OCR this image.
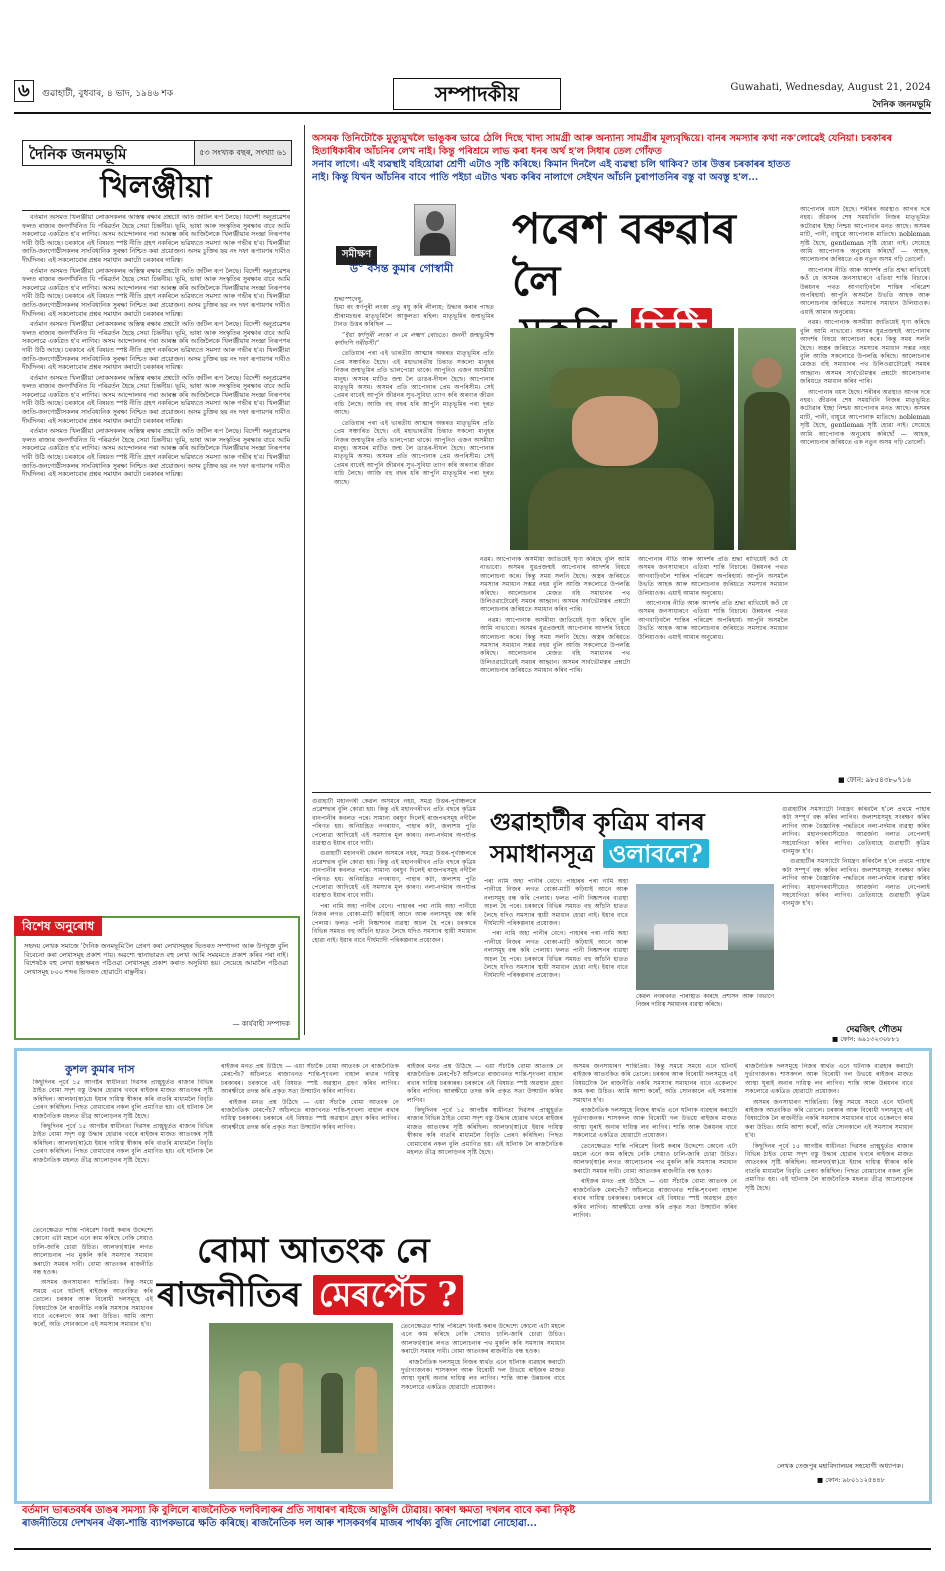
৬	গুৱাহাটী, বুধবাৰ, ৪ ভাদ, ১৯৪৬ শক	সম্পাদকীয়	Guwahati, Wednesday, August 21, 2024
দৈনিক জনমভূমি
দৈনিক জনমভূমি	৫৩ সংখ্যক বছৰ, সংখ্যা ৬১
খিলঞ্জীয়া

বৰ্তমান অসমত খিলঞ্জীয়া লোকসকলৰ অস্তিত্ব ৰক্ষাৰ প্ৰশ্নটো অতি জটিল ৰূপ লৈছে। বিদেশী অনুপ্ৰৱেশৰ ফলত ৰাজ্যৰ জনগাঁথনিত যি পৰিৱৰ্তন হৈছে সেয়া চিন্তনীয়। ভূমি, ভাষা আৰু সংস্কৃতিৰ সুৰক্ষাৰ বাবে আমি সকলোৱে একত্ৰিত হ'ব লাগিব। অসম আন্দোলনৰ পৰা আৰম্ভ কৰি আজিলৈকে খিলঞ্জীয়াৰ সংজ্ঞা নিৰূপণৰ দাবী উঠি আছে। চৰকাৰে এই বিষয়ত স্পষ্ট নীতি গ্ৰহণ নকৰিলে ভৱিষ্যতে সমস্যা আৰু গভীৰ হ'ব। খিলঞ্জীয়া জাতি-জনগোষ্ঠীসকলৰ সাংবিধানিক সুৰক্ষা নিশ্চিত কৰা প্ৰয়োজন। অসম চুক্তিৰ ছয় নং দফা ৰূপায়ণৰ দাবীও দীৰ্ঘদিনৰ। এই সকলোবোৰ প্ৰশ্নৰ সমাধান কৰাটো চৰকাৰৰ দায়িত্ব।

বৰ্তমান অসমত খিলঞ্জীয়া লোকসকলৰ অস্তিত্ব ৰক্ষাৰ প্ৰশ্নটো অতি জটিল ৰূপ লৈছে। বিদেশী অনুপ্ৰৱেশৰ ফলত ৰাজ্যৰ জনগাঁথনিত যি পৰিৱৰ্তন হৈছে সেয়া চিন্তনীয়। ভূমি, ভাষা আৰু সংস্কৃতিৰ সুৰক্ষাৰ বাবে আমি সকলোৱে একত্ৰিত হ'ব লাগিব। অসম আন্দোলনৰ পৰা আৰম্ভ কৰি আজিলৈকে খিলঞ্জীয়াৰ সংজ্ঞা নিৰূপণৰ দাবী উঠি আছে। চৰকাৰে এই বিষয়ত স্পষ্ট নীতি গ্ৰহণ নকৰিলে ভৱিষ্যতে সমস্যা আৰু গভীৰ হ'ব। খিলঞ্জীয়া জাতি-জনগোষ্ঠীসকলৰ সাংবিধানিক সুৰক্ষা নিশ্চিত কৰা প্ৰয়োজন। অসম চুক্তিৰ ছয় নং দফা ৰূপায়ণৰ দাবীও দীৰ্ঘদিনৰ। এই সকলোবোৰ প্ৰশ্নৰ সমাধান কৰাটো চৰকাৰৰ দায়িত্ব।

বৰ্তমান অসমত খিলঞ্জীয়া লোকসকলৰ অস্তিত্ব ৰক্ষাৰ প্ৰশ্নটো অতি জটিল ৰূপ লৈছে। বিদেশী অনুপ্ৰৱেশৰ ফলত ৰাজ্যৰ জনগাঁথনিত যি পৰিৱৰ্তন হৈছে সেয়া চিন্তনীয়। ভূমি, ভাষা আৰু সংস্কৃতিৰ সুৰক্ষাৰ বাবে আমি সকলোৱে একত্ৰিত হ'ব লাগিব। অসম আন্দোলনৰ পৰা আৰম্ভ কৰি আজিলৈকে খিলঞ্জীয়াৰ সংজ্ঞা নিৰূপণৰ দাবী উঠি আছে। চৰকাৰে এই বিষয়ত স্পষ্ট নীতি গ্ৰহণ নকৰিলে ভৱিষ্যতে সমস্যা আৰু গভীৰ হ'ব। খিলঞ্জীয়া জাতি-জনগোষ্ঠীসকলৰ সাংবিধানিক সুৰক্ষা নিশ্চিত কৰা প্ৰয়োজন। অসম চুক্তিৰ ছয় নং দফা ৰূপায়ণৰ দাবীও দীৰ্ঘদিনৰ। এই সকলোবোৰ প্ৰশ্নৰ সমাধান কৰাটো চৰকাৰৰ দায়িত্ব।

বৰ্তমান অসমত খিলঞ্জীয়া লোকসকলৰ অস্তিত্ব ৰক্ষাৰ প্ৰশ্নটো অতি জটিল ৰূপ লৈছে। বিদেশী অনুপ্ৰৱেশৰ ফলত ৰাজ্যৰ জনগাঁথনিত যি পৰিৱৰ্তন হৈছে সেয়া চিন্তনীয়। ভূমি, ভাষা আৰু সংস্কৃতিৰ সুৰক্ষাৰ বাবে আমি সকলোৱে একত্ৰিত হ'ব লাগিব। অসম আন্দোলনৰ পৰা আৰম্ভ কৰি আজিলৈকে খিলঞ্জীয়াৰ সংজ্ঞা নিৰূপণৰ দাবী উঠি আছে। চৰকাৰে এই বিষয়ত স্পষ্ট নীতি গ্ৰহণ নকৰিলে ভৱিষ্যতে সমস্যা আৰু গভীৰ হ'ব। খিলঞ্জীয়া জাতি-জনগোষ্ঠীসকলৰ সাংবিধানিক সুৰক্ষা নিশ্চিত কৰা প্ৰয়োজন। অসম চুক্তিৰ ছয় নং দফা ৰূপায়ণৰ দাবীও দীৰ্ঘদিনৰ। এই সকলোবোৰ প্ৰশ্নৰ সমাধান কৰাটো চৰকাৰৰ দায়িত্ব।

বৰ্তমান অসমত খিলঞ্জীয়া লোকসকলৰ অস্তিত্ব ৰক্ষাৰ প্ৰশ্নটো অতি জটিল ৰূপ লৈছে। বিদেশী অনুপ্ৰৱেশৰ ফলত ৰাজ্যৰ জনগাঁথনিত যি পৰিৱৰ্তন হৈছে সেয়া চিন্তনীয়। ভূমি, ভাষা আৰু সংস্কৃতিৰ সুৰক্ষাৰ বাবে আমি সকলোৱে একত্ৰিত হ'ব লাগিব। অসম আন্দোলনৰ পৰা আৰম্ভ কৰি আজিলৈকে খিলঞ্জীয়াৰ সংজ্ঞা নিৰূপণৰ দাবী উঠি আছে। চৰকাৰে এই বিষয়ত স্পষ্ট নীতি গ্ৰহণ নকৰিলে ভৱিষ্যতে সমস্যা আৰু গভীৰ হ'ব। খিলঞ্জীয়া জাতি-জনগোষ্ঠীসকলৰ সাংবিধানিক সুৰক্ষা নিশ্চিত কৰা প্ৰয়োজন। অসম চুক্তিৰ ছয় নং দফা ৰূপায়ণৰ দাবীও দীৰ্ঘদিনৰ। এই সকলোবোৰ প্ৰশ্নৰ সমাধান কৰাটো চৰকাৰৰ দায়িত্ব।

বিশেষ অনুৰোধ
সহৃদয় লেখক সমাজে 'দৈনিক জনমভূমি'লৈ প্ৰেৰণ কৰা লেখাসমূহৰ ভিতৰত সম্পাদনা আৰু উপযুক্ত বুলি বিবেচনা কৰা লেখাসমূহ প্ৰকাশ পায়। অৱশ্যে স্থানাভাৱত বহু লেখা আমি সময়মতে প্ৰকাশ কৰিব পৰা নাই। বিশেষকৈ বহু লেখা হস্তাক্ষৰত পঠিওৱা লেখাসমূহ প্ৰকাশ কৰাত অসুবিধা হয়। সেয়েহে আমালৈ পঠিওৱা লেখাসমূহ ৮০০ শব্দৰ ভিতৰত হোৱাটো বাঞ্ছনীয়।
— কাৰ্যবাহী সম্পাদক
অসমক তিনিটোকৈ মুত্যুমুখলৈ ভাঙুকৰ ভাৱে ঠেলি দিছে খাদ্য সামগ্ৰী আৰু অন্যান্য সামগ্ৰীৰ মূল্যবৃদ্ধিয়ে। বানৰ সমস্যাৰ কথা নক'লোৱেই যেনিয়া। চৰকাৰৰ হিতাধিকাৰীৰ আঁচনিৰ লেখ নাই। কিন্তু পৰিশ্ৰমে লাভ কৰা ধনৰ অৰ্থ হ'ল সিধাৰ তেল গোঁফত
সনাব লাগে। এই ব্যৱস্থাই বহিয়োৱা শ্ৰেণী এটাও সৃষ্টি কৰিছে। কিমান দিনলৈ এই ব্যৱস্থা চলি থাকিব? তাৰ উত্তৰ চৰকাৰৰ হাতত
নাই। কিন্তু যিখন আঁচনিৰ বাবে পাতি পইচা এটাও খৰচ কৰিব নালাগে সেইখন আঁচনি চুৰাপাতনিৰ বস্তু বা অবস্তু হ'ল...
সমীক্ষণ
ড° বসন্ত কুমাৰ গোস্বামী
পৰেশ বৰুৱাৰ লৈ

শ্ৰদ্ধাস্পদেষু,
হিমা ৰং স্বৰ্ণপুৰী লংকা প্ৰভু ৰঘু কৰি লীলায়; উদ্ধাৰ কৰাৰ পাছত শ্ৰীৰামচন্দ্ৰৰ মাতৃভূমিলৈ আকুলতা ৰহিল। মাতৃভূমিৰ জন্মভূমিৰ টানত উত্তৰ কৰিছিল —

“ইয়া স্বৰ্ণপুৰী লংকা ন মে লক্ষ্মণ ৰোচতে। জননী জন্মভূমিশ্চ স্বৰ্গাদপি গৰীয়সী।”

তেতিয়াৰ পৰা এই ভাৰতীয় আত্মাৰ অন্তৰত মাতৃভূমিৰ প্ৰতি প্ৰেম সঞ্চাৰিত হৈছে। এই মহাভাৰতীয় চিন্তাত সকলো মানুহৰ নিজৰ জন্মভূমিৰ প্ৰতি ভালপোৱা থাকে। আপুনিও এজন অসমীয়া মানুহ। অসমৰ মাটিত জন্ম লৈ ডাঙৰ-দীঘল হৈছে। আপোনাৰ মাতৃভূমি অসম। অসমৰ প্ৰতি আপোনাৰ প্ৰেম অপৰিসীম। সেই প্ৰেমৰ বাবেই আপুনি জীৱনৰ সুখ-সুবিধা ত্যাগ কৰি অৰণ্যৰ জীৱন বাচি লৈছে। আজি বহু বছৰ ধৰি আপুনি মাতৃভূমিৰ পৰা দূৰত আছে।

তেতিয়াৰ পৰা এই ভাৰতীয় আত্মাৰ অন্তৰত মাতৃভূমিৰ প্ৰতি প্ৰেম সঞ্চাৰিত হৈছে। এই মহাভাৰতীয় চিন্তাত সকলো মানুহৰ নিজৰ জন্মভূমিৰ প্ৰতি ভালপোৱা থাকে। আপুনিও এজন অসমীয়া মানুহ। অসমৰ মাটিত জন্ম লৈ ডাঙৰ-দীঘল হৈছে। আপোনাৰ মাতৃভূমি অসম। অসমৰ প্ৰতি আপোনাৰ প্ৰেম অপৰিসীম। সেই প্ৰেমৰ বাবেই আপুনি জীৱনৰ সুখ-সুবিধা ত্যাগ কৰি অৰণ্যৰ জীৱন বাচি লৈছে। আজি বহু বছৰ ধৰি আপুনি মাতৃভূমিৰ পৰা দূৰত আছে।

নৱম। আপোনাক অসমীয়া জাতিয়েই ঘৃণা কৰিছে বুলি আমি নাভাবো। অসমৰ যুৱপ্ৰজন্মই আপোনাৰ আদৰ্শৰ বিষয়ে আলোচনা কৰে। কিন্তু সময় সলনি হৈছে। অস্ত্ৰৰ জৰিয়তে সমস্যাৰ সমাধান সম্ভৱ নহয় বুলি আজি সকলোৱে উপলব্ধি কৰিছে। আলোচনাৰ মেজত বহি সমাধানৰ পথ উলিওৱাটোৱেই সময়ৰ আহ্বান। অসমৰ সাৰ্বভৌমত্বৰ প্ৰশ্নটো আলোচনাৰ জৰিয়তে সমাধান কৰিব পাৰি।

নৱম। আপোনাক অসমীয়া জাতিয়েই ঘৃণা কৰিছে বুলি আমি নাভাবো। অসমৰ যুৱপ্ৰজন্মই আপোনাৰ আদৰ্শৰ বিষয়ে আলোচনা কৰে। কিন্তু সময় সলনি হৈছে। অস্ত্ৰৰ জৰিয়তে সমস্যাৰ সমাধান সম্ভৱ নহয় বুলি আজি সকলোৱে উপলব্ধি কৰিছে। আলোচনাৰ মেজত বহি সমাধানৰ পথ উলিওৱাটোৱেই সময়ৰ আহ্বান। অসমৰ সাৰ্বভৌমত্বৰ প্ৰশ্নটো আলোচনাৰ জৰিয়তে সমাধান কৰিব পাৰি।

আপোনাৰ নীতি আৰু আদৰ্শৰ প্ৰতি শ্ৰদ্ধা ৰাখিয়েই কওঁ যে অসমৰ জনসাধাৰণে এতিয়া শান্তি বিচাৰে। উন্নয়নৰ পথত আগবাঢ়িবলৈ শান্তিৰ পৰিৱেশ অপৰিহাৰ্য। আপুনি অসমলৈ উভতি আহক আৰু আলোচনাৰ জৰিয়তে সমস্যাৰ সমাধান উলিয়াওক। এয়াই আমাৰ অনুৰোধ।

আপোনাৰ নীতি আৰু আদৰ্শৰ প্ৰতি শ্ৰদ্ধা ৰাখিয়েই কওঁ যে অসমৰ জনসাধাৰণে এতিয়া শান্তি বিচাৰে। উন্নয়নৰ পথত আগবাঢ়িবলৈ শান্তিৰ পৰিৱেশ অপৰিহাৰ্য। আপুনি অসমলৈ উভতি আহক আৰু আলোচনাৰ জৰিয়তে সমস্যাৰ সমাধান উলিয়াওক। এয়াই আমাৰ অনুৰোধ।

আপোনাৰ বয়স হৈছে। শৰীৰৰ অৱস্থাও আগৰ দৰে নহয়। জীৱনৰ শেষ সময়খিনি নিজৰ মাতৃভূমিত কটোৱাৰ ইচ্ছা নিশ্চয় আপোনাৰ মনত আছে। অসমৰ মাটি, পানী, বায়ুৱে আপোনাক মাতিছে। nobleman সৃষ্টি হৈছে, gentleman সৃষ্টি হোৱা নাই। সেয়েহে আমি আপোনাক অনুৰোধ কৰিছোঁ — আহক, আলোচনাৰ জৰিয়তে এক নতুন অসম গঢ়ি তোলোঁ।

আপোনাৰ নীতি আৰু আদৰ্শৰ প্ৰতি শ্ৰদ্ধা ৰাখিয়েই কওঁ যে অসমৰ জনসাধাৰণে এতিয়া শান্তি বিচাৰে। উন্নয়নৰ পথত আগবাঢ়িবলৈ শান্তিৰ পৰিৱেশ অপৰিহাৰ্য। আপুনি অসমলৈ উভতি আহক আৰু আলোচনাৰ জৰিয়তে সমস্যাৰ সমাধান উলিয়াওক। এয়াই আমাৰ অনুৰোধ।

নৱম। আপোনাক অসমীয়া জাতিয়েই ঘৃণা কৰিছে বুলি আমি নাভাবো। অসমৰ যুৱপ্ৰজন্মই আপোনাৰ আদৰ্শৰ বিষয়ে আলোচনা কৰে। কিন্তু সময় সলনি হৈছে। অস্ত্ৰৰ জৰিয়তে সমস্যাৰ সমাধান সম্ভৱ নহয় বুলি আজি সকলোৱে উপলব্ধি কৰিছে। আলোচনাৰ মেজত বহি সমাধানৰ পথ উলিওৱাটোৱেই সময়ৰ আহ্বান। অসমৰ সাৰ্বভৌমত্বৰ প্ৰশ্নটো আলোচনাৰ জৰিয়তে সমাধান কৰিব পাৰি।

আপোনাৰ বয়স হৈছে। শৰীৰৰ অৱস্থাও আগৰ দৰে নহয়। জীৱনৰ শেষ সময়খিনি নিজৰ মাতৃভূমিত কটোৱাৰ ইচ্ছা নিশ্চয় আপোনাৰ মনত আছে। অসমৰ মাটি, পানী, বায়ুৱে আপোনাক মাতিছে। nobleman সৃষ্টি হৈছে, gentleman সৃষ্টি হোৱা নাই। সেয়েহে আমি আপোনাক অনুৰোধ কৰিছোঁ — আহক, আলোচনাৰ জৰিয়তে এক নতুন অসম গঢ়ি তোলোঁ।

■ ফোন: ৯৮৫৪৩৮০৭১৬

গুৱাহাটী মহানগৰী কেৱল অসমৰে নহয়, সমগ্ৰ উত্তৰ-পূৰ্বাঞ্চলৰে প্ৰৱেশদ্বাৰ বুলি কোৱা হয়। কিন্তু এই মহানগৰীখন প্ৰতি বছৰে কৃত্ৰিম বানপানীৰ কবলত পৰে। সামান্য বৰষুণ দিলেই ৰাজপথসমূহ নদীলৈ পৰিণত হয়। অনিয়ন্ত্ৰিত নগৰায়ণ, পাহাৰ কটা, জলাশয় পুতি পেলোৱা আদিয়েই এই সমস্যাৰ মূল কাৰণ। নলা-নৰ্দমাৰ অপৰ্যাপ্ত ব্যৱস্থাও ইয়াৰ বাবে দায়ী।

গুৱাহাটী মহানগৰী কেৱল অসমৰে নহয়, সমগ্ৰ উত্তৰ-পূৰ্বাঞ্চলৰে প্ৰৱেশদ্বাৰ বুলি কোৱা হয়। কিন্তু এই মহানগৰীখন প্ৰতি বছৰে কৃত্ৰিম বানপানীৰ কবলত পৰে। সামান্য বৰষুণ দিলেই ৰাজপথসমূহ নদীলৈ পৰিণত হয়। অনিয়ন্ত্ৰিত নগৰায়ণ, পাহাৰ কটা, জলাশয় পুতি পেলোৱা আদিয়েই এই সমস্যাৰ মূল কাৰণ। নলা-নৰ্দমাৰ অপৰ্যাপ্ত ব্যৱস্থাও ইয়াৰ বাবে দায়ী।

পৰা নামি অহা পানীৰ বেগে। পাহাৰৰ পৰা নামি অহা পানীয়ে নিজৰ লগত বোকা-মাটি কঢ়িয়াই আনে আৰু নলাসমূহ বন্ধ কৰি পেলায়। ফলত পানী নিষ্কাশনৰ ব্যৱস্থা অচল হৈ পৰে। চৰকাৰে বিভিন্ন সময়ত বহু আঁচনি হাতত লৈছে যদিও সমস্যাৰ স্থায়ী সমাধান হোৱা নাই। ইয়াৰ বাবে দীৰ্ঘম্যাদী পৰিকল্পনাৰ প্ৰয়োজন।

গুৱাহাটীৰ কৃত্ৰিম বানৰ
সমাধানসূত্ৰ ওলাবনে?

পৰা নামি অহা পানীৰ বেগে। পাহাৰৰ পৰা নামি অহা পানীয়ে নিজৰ লগত বোকা-মাটি কঢ়িয়াই আনে আৰু নলাসমূহ বন্ধ কৰি পেলায়। ফলত পানী নিষ্কাশনৰ ব্যৱস্থা অচল হৈ পৰে। চৰকাৰে বিভিন্ন সময়ত বহু আঁচনি হাতত লৈছে যদিও সমস্যাৰ স্থায়ী সমাধান হোৱা নাই। ইয়াৰ বাবে দীৰ্ঘম্যাদী পৰিকল্পনাৰ প্ৰয়োজন।

পৰা নামি অহা পানীৰ বেগে। পাহাৰৰ পৰা নামি অহা পানীয়ে নিজৰ লগত বোকা-মাটি কঢ়িয়াই আনে আৰু নলাসমূহ বন্ধ কৰি পেলায়। ফলত পানী নিষ্কাশনৰ ব্যৱস্থা অচল হৈ পৰে। চৰকাৰে বিভিন্ন সময়ত বহু আঁচনি হাতত লৈছে যদিও সমস্যাৰ স্থায়ী সমাধান হোৱা নাই। ইয়াৰ বাবে দীৰ্ঘম্যাদী পৰিকল্পনাৰ প্ৰয়োজন।

কেৱল নগৰখনত পৰিস্থিতি কৰিছে প্ৰশাসন আৰু বিভাগে নিজৰ দায়িত্ব সমাধানৰ ব্যৱস্থা কৰিছে।

গুৱাহাটীৰ সমস্যাটো নিয়ন্ত্ৰণ কৰিবলৈ হ'লে প্ৰথমে পাহাৰ কটা সম্পূৰ্ণ বন্ধ কৰিব লাগিব। জলাশয়সমূহ সংৰক্ষণ কৰিব লাগিব আৰু বৈজ্ঞানিক পদ্ধতিৰে নলা-নৰ্দমাৰ ব্যৱস্থা কৰিব লাগিব। মহানগৰবাসীয়েও আৱৰ্জনা নলাত নেপেলাই সহযোগিতা কৰিব লাগিব। তেতিয়াহে গুৱাহাটী কৃত্ৰিম বানমুক্ত হ'ব।

গুৱাহাটীৰ সমস্যাটো নিয়ন্ত্ৰণ কৰিবলৈ হ'লে প্ৰথমে পাহাৰ কটা সম্পূৰ্ণ বন্ধ কৰিব লাগিব। জলাশয়সমূহ সংৰক্ষণ কৰিব লাগিব আৰু বৈজ্ঞানিক পদ্ধতিৰে নলা-নৰ্দমাৰ ব্যৱস্থা কৰিব লাগিব। মহানগৰবাসীয়েও আৱৰ্জনা নলাত নেপেলাই সহযোগিতা কৰিব লাগিব। তেতিয়াহে গুৱাহাটী কৃত্ৰিম বানমুক্ত হ'ব।

দেৱজিৎ গৌতম
■ ফোন: ৬৯১৩২৩০৮৮১
কুশল কুমাৰ দাস

কিছুদিনৰ পূৰ্বে ১৫ আগষ্টৰ স্বাধীনতা দিৱসৰ প্ৰাক্মুহূৰ্তত ৰাজ্যৰ বিভিন্ন ঠাইত বোমা সদৃশ বস্তু উদ্ধাৰ হোৱাৰ খবৰে ৰাইজৰ মাজত আতংকৰ সৃষ্টি কৰিছিল। আলফা(স্বা)য়ে ইয়াৰ দায়িত্ব স্বীকাৰ কৰি বাতৰি মাধ্যমলৈ বিবৃতি প্ৰেৰণ কৰিছিল। পিছত বোমাবোৰ নকল বুলি প্ৰমাণিত হয়। এই ঘটনাক লৈ ৰাজনৈতিক মহলত তীব্ৰ আলোড়নৰ সৃষ্টি হৈছে।

কিছুদিনৰ পূৰ্বে ১৫ আগষ্টৰ স্বাধীনতা দিৱসৰ প্ৰাক্মুহূৰ্তত ৰাজ্যৰ বিভিন্ন ঠাইত বোমা সদৃশ বস্তু উদ্ধাৰ হোৱাৰ খবৰে ৰাইজৰ মাজত আতংকৰ সৃষ্টি কৰিছিল। আলফা(স্বা)য়ে ইয়াৰ দায়িত্ব স্বীকাৰ কৰি বাতৰি মাধ্যমলৈ বিবৃতি প্ৰেৰণ কৰিছিল। পিছত বোমাবোৰ নকল বুলি প্ৰমাণিত হয়। এই ঘটনাক লৈ ৰাজনৈতিক মহলত তীব্ৰ আলোড়নৰ সৃষ্টি হৈছে।

ৰাইজৰ মনত প্ৰশ্ন উঠিছে — এয়া সঁচাকৈ বোমা আতংক নে ৰাজনৈতিক মেৰপেঁচ? আঁচলতে ৰাজ্যখনত শান্তি-শৃংখলা বাহাল ৰখাৰ দায়িত্ব চৰকাৰৰ। চৰকাৰে এই বিষয়ত স্পষ্ট অৱস্থান গ্ৰহণ কৰিব লাগিব। আৰক্ষীয়ে তদন্ত কৰি প্ৰকৃত সত্য উদ্ঘাটন কৰিব লাগিব।

ৰাইজৰ মনত প্ৰশ্ন উঠিছে — এয়া সঁচাকৈ বোমা আতংক নে ৰাজনৈতিক মেৰপেঁচ? আঁচলতে ৰাজ্যখনত শান্তি-শৃংখলা বাহাল ৰখাৰ দায়িত্ব চৰকাৰৰ। চৰকাৰে এই বিষয়ত স্পষ্ট অৱস্থান গ্ৰহণ কৰিব লাগিব। আৰক্ষীয়ে তদন্ত কৰি প্ৰকৃত সত্য উদ্ঘাটন কৰিব লাগিব।

ৰাইজৰ মনত প্ৰশ্ন উঠিছে — এয়া সঁচাকৈ বোমা আতংক নে ৰাজনৈতিক মেৰপেঁচ? আঁচলতে ৰাজ্যখনত শান্তি-শৃংখলা বাহাল ৰখাৰ দায়িত্ব চৰকাৰৰ। চৰকাৰে এই বিষয়ত স্পষ্ট অৱস্থান গ্ৰহণ কৰিব লাগিব। আৰক্ষীয়ে তদন্ত কৰি প্ৰকৃত সত্য উদ্ঘাটন কৰিব লাগিব।

কিছুদিনৰ পূৰ্বে ১৫ আগষ্টৰ স্বাধীনতা দিৱসৰ প্ৰাক্মুহূৰ্তত ৰাজ্যৰ বিভিন্ন ঠাইত বোমা সদৃশ বস্তু উদ্ধাৰ হোৱাৰ খবৰে ৰাইজৰ মাজত আতংকৰ সৃষ্টি কৰিছিল। আলফা(স্বা)য়ে ইয়াৰ দায়িত্ব স্বীকাৰ কৰি বাতৰি মাধ্যমলৈ বিবৃতি প্ৰেৰণ কৰিছিল। পিছত বোমাবোৰ নকল বুলি প্ৰমাণিত হয়। এই ঘটনাক লৈ ৰাজনৈতিক মহলত তীব্ৰ আলোড়নৰ সৃষ্টি হৈছে।

বোমা আতংক নে
ৰাজনীতিৰ মেৰপেঁচ ?

তেনেক্ষেত্ৰত শান্তি পৰিৱেশ বিনষ্ট কৰাৰ উদ্দেশ্যে কোনো এটা মহলে এনে কাম কৰিছে নেকি সেয়াও চালি-জাৰি চোৱা উচিত। আলফা(স্বা)ৰ লগত আলোচনাৰ পথ মুকলি কৰি সমস্যাৰ সমাধান কৰাটো সময়ৰ দাবী। বোমা আতংকৰ ৰাজনীতি বন্ধ হওক।

অসমৰ জনসাধাৰণ শান্তিপ্ৰিয়। কিন্তু সময়ে সময়ে এনে ঘটনাই ৰাইজক আতংকিত কৰি তোলে। চৰকাৰ আৰু বিৰোধী দলসমূহে এই বিষয়টোক লৈ ৰাজনীতি নকৰি সমস্যাৰ সমাধানৰ বাবে একেলগে কাম কৰা উচিত। আমি আশা কৰোঁ, অতি সোনকালে এই সমস্যাৰ সমাধান হ'ব।	তেনেক্ষেত্ৰত শান্তি পৰিৱেশ বিনষ্ট কৰাৰ উদ্দেশ্যে কোনো এটা মহলে এনে কাম কৰিছে নেকি সেয়াও চালি-জাৰি চোৱা উচিত। আলফা(স্বা)ৰ লগত আলোচনাৰ পথ মুকলি কৰি সমস্যাৰ সমাধান কৰাটো সময়ৰ দাবী। বোমা আতংকৰ ৰাজনীতি বন্ধ হওক।

ৰাজনৈতিক দলসমূহে নিজৰ স্বাৰ্থত এনে ঘটনাক ব্যৱহাৰ কৰাটো দুৰ্ভাগ্যজনক। শাসকদল আৰু বিৰোধী দল উভয়ে ৰাইজৰ মাজত আস্থা ঘূৰাই অনাৰ দায়িত্ব লব লাগিব। শান্তি আৰু উন্নয়নৰ বাবে সকলোৱে একত্ৰিত হোৱাটো প্ৰয়োজন।

অসমৰ জনসাধাৰণ শান্তিপ্ৰিয়। কিন্তু সময়ে সময়ে এনে ঘটনাই ৰাইজক আতংকিত কৰি তোলে। চৰকাৰ আৰু বিৰোধী দলসমূহে এই বিষয়টোক লৈ ৰাজনীতি নকৰি সমস্যাৰ সমাধানৰ বাবে একেলগে কাম কৰা উচিত। আমি আশা কৰোঁ, অতি সোনকালে এই সমস্যাৰ সমাধান হ'ব।

ৰাজনৈতিক দলসমূহে নিজৰ স্বাৰ্থত এনে ঘটনাক ব্যৱহাৰ কৰাটো দুৰ্ভাগ্যজনক। শাসকদল আৰু বিৰোধী দল উভয়ে ৰাইজৰ মাজত আস্থা ঘূৰাই অনাৰ দায়িত্ব লব লাগিব। শান্তি আৰু উন্নয়নৰ বাবে সকলোৱে একত্ৰিত হোৱাটো প্ৰয়োজন।

তেনেক্ষেত্ৰত শান্তি পৰিৱেশ বিনষ্ট কৰাৰ উদ্দেশ্যে কোনো এটা মহলে এনে কাম কৰিছে নেকি সেয়াও চালি-জাৰি চোৱা উচিত। আলফা(স্বা)ৰ লগত আলোচনাৰ পথ মুকলি কৰি সমস্যাৰ সমাধান কৰাটো সময়ৰ দাবী। বোমা আতংকৰ ৰাজনীতি বন্ধ হওক।

ৰাইজৰ মনত প্ৰশ্ন উঠিছে — এয়া সঁচাকৈ বোমা আতংক নে ৰাজনৈতিক মেৰপেঁচ? আঁচলতে ৰাজ্যখনত শান্তি-শৃংখলা বাহাল ৰখাৰ দায়িত্ব চৰকাৰৰ। চৰকাৰে এই বিষয়ত স্পষ্ট অৱস্থান গ্ৰহণ কৰিব লাগিব। আৰক্ষীয়ে তদন্ত কৰি প্ৰকৃত সত্য উদ্ঘাটন কৰিব লাগিব।

ৰাজনৈতিক দলসমূহে নিজৰ স্বাৰ্থত এনে ঘটনাক ব্যৱহাৰ কৰাটো দুৰ্ভাগ্যজনক। শাসকদল আৰু বিৰোধী দল উভয়ে ৰাইজৰ মাজত আস্থা ঘূৰাই অনাৰ দায়িত্ব লব লাগিব। শান্তি আৰু উন্নয়নৰ বাবে সকলোৱে একত্ৰিত হোৱাটো প্ৰয়োজন।

অসমৰ জনসাধাৰণ শান্তিপ্ৰিয়। কিন্তু সময়ে সময়ে এনে ঘটনাই ৰাইজক আতংকিত কৰি তোলে। চৰকাৰ আৰু বিৰোধী দলসমূহে এই বিষয়টোক লৈ ৰাজনীতি নকৰি সমস্যাৰ সমাধানৰ বাবে একেলগে কাম কৰা উচিত। আমি আশা কৰোঁ, অতি সোনকালে এই সমস্যাৰ সমাধান হ'ব।

কিছুদিনৰ পূৰ্বে ১৫ আগষ্টৰ স্বাধীনতা দিৱসৰ প্ৰাক্মুহূৰ্তত ৰাজ্যৰ বিভিন্ন ঠাইত বোমা সদৃশ বস্তু উদ্ধাৰ হোৱাৰ খবৰে ৰাইজৰ মাজত আতংকৰ সৃষ্টি কৰিছিল। আলফা(স্বা)য়ে ইয়াৰ দায়িত্ব স্বীকাৰ কৰি বাতৰি মাধ্যমলৈ বিবৃতি প্ৰেৰণ কৰিছিল। পিছত বোমাবোৰ নকল বুলি প্ৰমাণিত হয়। এই ঘটনাক লৈ ৰাজনৈতিক মহলত তীব্ৰ আলোড়নৰ সৃষ্টি হৈছে।

লেখক তেজপুৰ মহাবিদ্যালয়ৰ সহযোগী অধ্যাপক।
■ ফোন: ৯৮০১১২৫৪৪৮
বৰ্তমান ভাৰতবৰ্ষৰ ডাঙৰ সমস্যা কি বুলিলে ৰাজনৈতিক দলবিলাকৰ প্ৰতি সাধাৰণ ৰাইজে আঙুলি টোৱায়। কাৰণ ক্ষমতা দখলৰ বাবে কৰা নিকৃষ্ট
ৰাজনীতিয়ে দেশখনৰ ঐক্য-শান্তি ব্যাপকভাৱে ক্ষতি কৰিছে। ৰাজনৈতিক দল আৰু শাসকবৰ্গৰ মাজৰ পাৰ্থক্য বুজি নোপোৱা নোহোৱা...
